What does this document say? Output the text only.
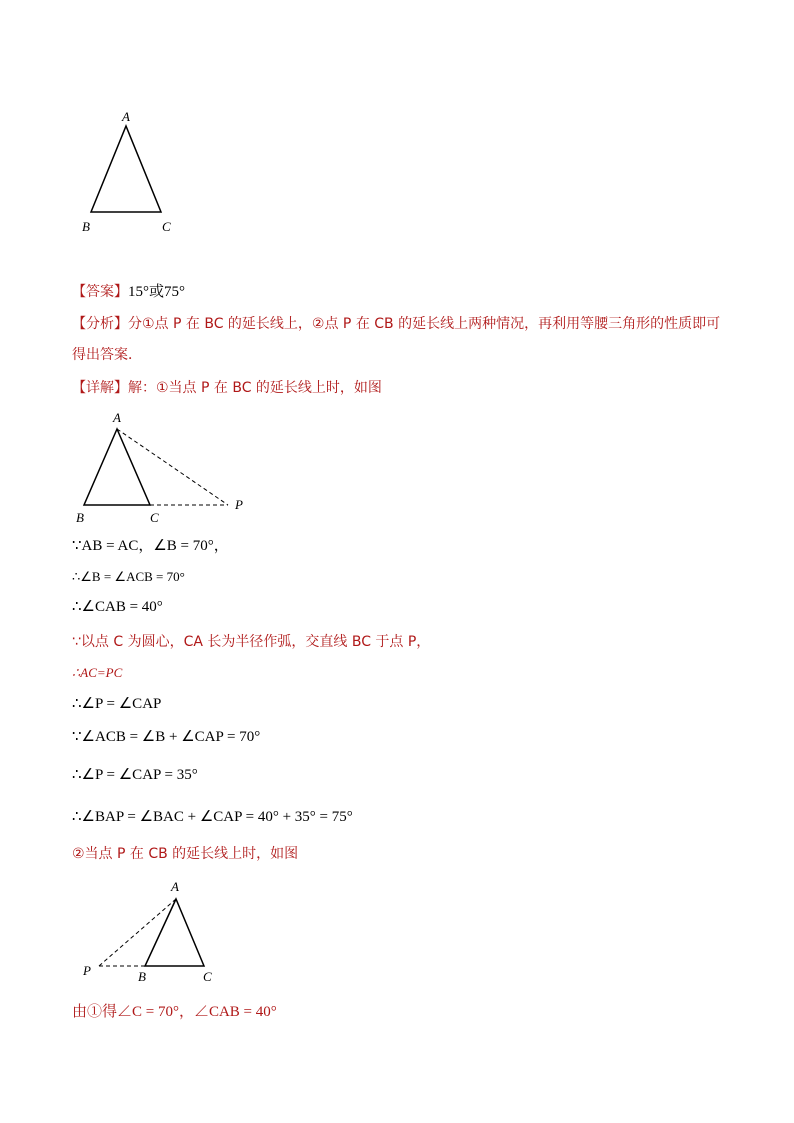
A
B	C
【答案】15°或75°
【分析】分①点 P 在 BC 的延长线上，②点 P 在 CB 的延长线上两种情况，再利用等腰三角形的性质即可
得出答案．
【详解】解：①当点 P 在 BC 的延长线上时，如图
A
B	C
P
∵AB = AC，∠B = 70°，
∴∠B = ∠ACB = 70°
∴∠CAB = 40°
∵以点 C 为圆心，CA 长为半径作弧，交直线 BC 于点 P，
∴AC=PC
∴∠P = ∠CAP
∵∠ACB = ∠B + ∠CAP = 70°
∴∠P = ∠CAP = 35°
∴∠BAP = ∠BAC + ∠CAP = 40° + 35° = 75°
②当点 P 在 CB 的延长线上时，如图
A
B	C
P
由①得∠C = 70°，∠CAB = 40°
